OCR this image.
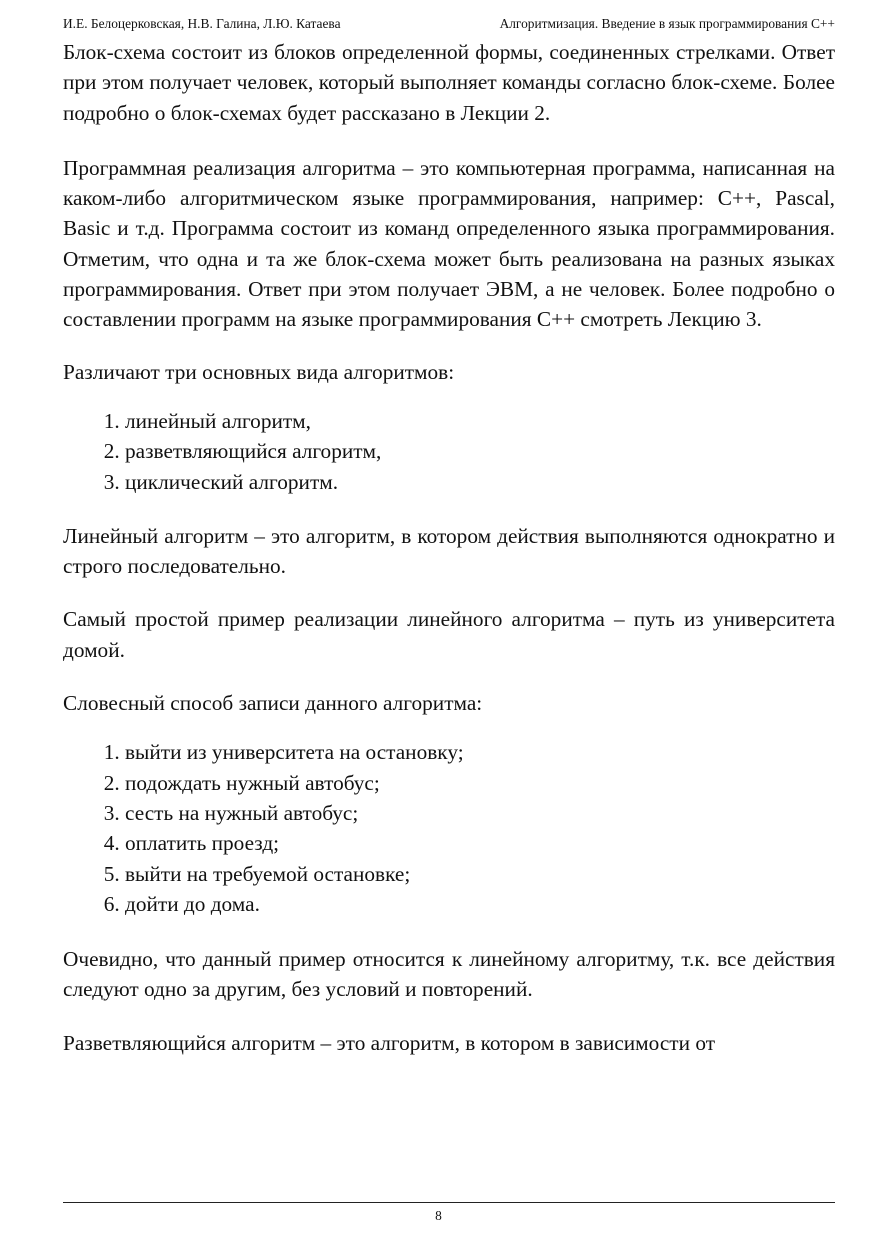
И.Е. Белоцерковская, Н.В. Галина, Л.Ю. Катаева	Алгоритмизация. Введение в язык программирования С++

Блок-схема состоит из блоков определенной формы, соединенных стрелками. Ответ при этом получает человек, который выполняет команды согласно блок-схеме. Более подробно о блок-схемах будет рассказано в Лекции 2.

Программная реализация алгоритма – это компьютерная программа, написанная на каком-либо алгоритмическом языке программирования, например: С++, Pascal, Basic и т.д. Программа состоит из команд определенного языка программирования. Отметим, что одна и та же блок-схема может быть реализована на разных языках программирования. Ответ при этом получает ЭВМ, а не человек. Более подробно о составлении программ на языке программирования С++ смотреть Лекцию 3.

Различают три основных вида алгоритмов:

1. линейный алгоритм,
2. разветвляющийся алгоритм,
3. циклический алгоритм.

Линейный алгоритм – это алгоритм, в котором действия выполняются однократно и строго последовательно.

Самый простой пример реализации линейного алгоритма – путь из университета домой.

Словесный способ записи данного алгоритма:

1. выйти из университета на остановку;
2. подождать нужный автобус;
3. сесть на нужный автобус;
4. оплатить проезд;
5. выйти на требуемой остановке;
6. дойти до дома.

Очевидно, что данный пример относится к линейному алгоритму, т.к. все действия следуют одно за другим, без условий и повторений.

Разветвляющийся алгоритм – это алгоритм, в котором в зависимости от

8
